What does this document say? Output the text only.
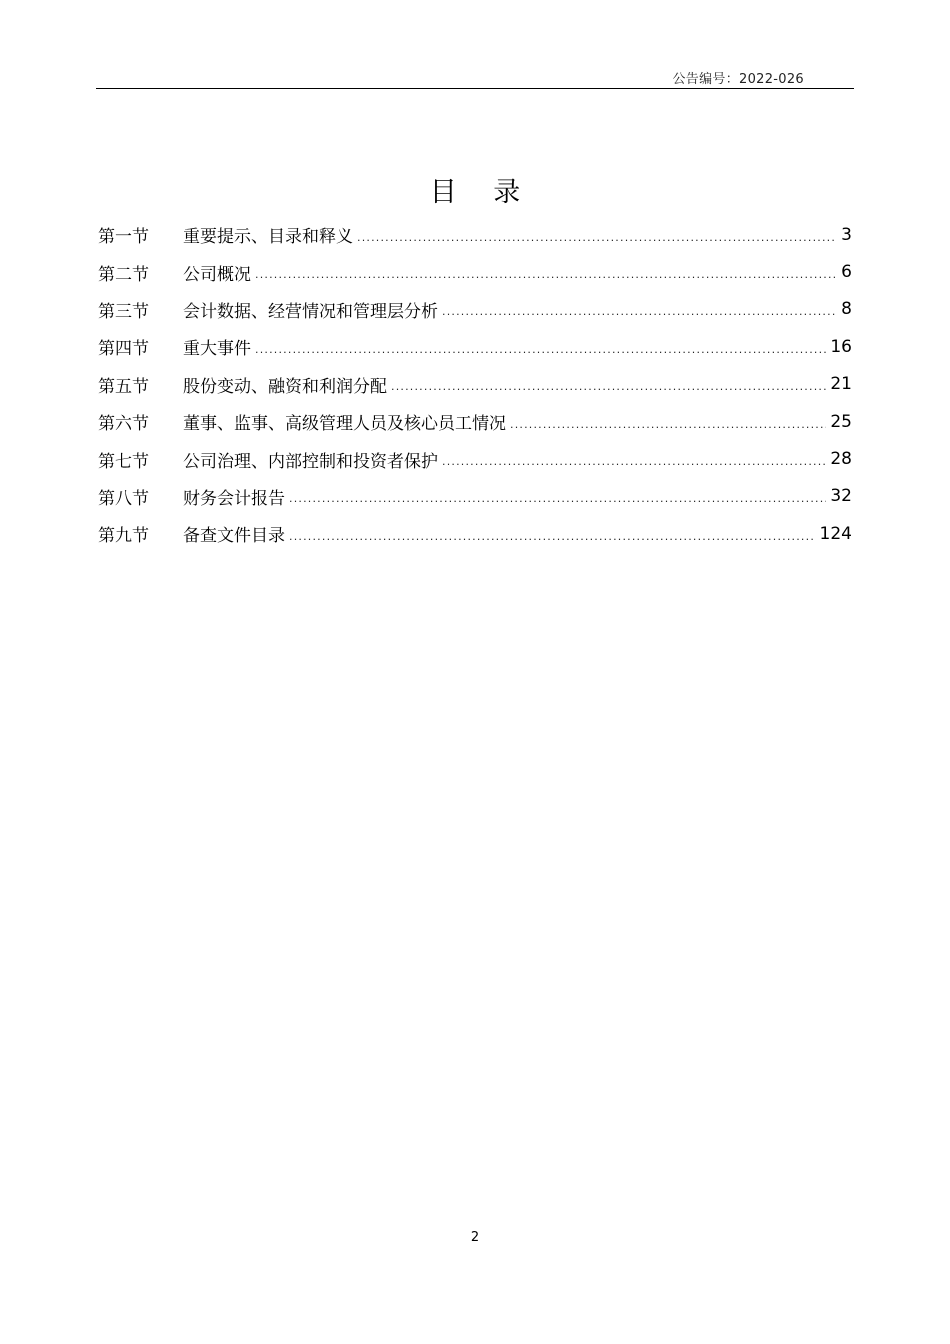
公告编号：2022-026
目 录
第一节	重要提示、目录和释义 .....	3
第二节	公司概况 .....	6
第三节	会计数据、经营情况和管理层分析 .....	8
第四节	重大事件 .....	16
第五节	股份变动、融资和利润分配 .....	21
第六节	董事、监事、高级管理人员及核心员工情况 .....	25
第七节	公司治理、内部控制和投资者保护 .....	28
第八节	财务会计报告 .....	32
第九节	备查文件目录 .....	124
2
